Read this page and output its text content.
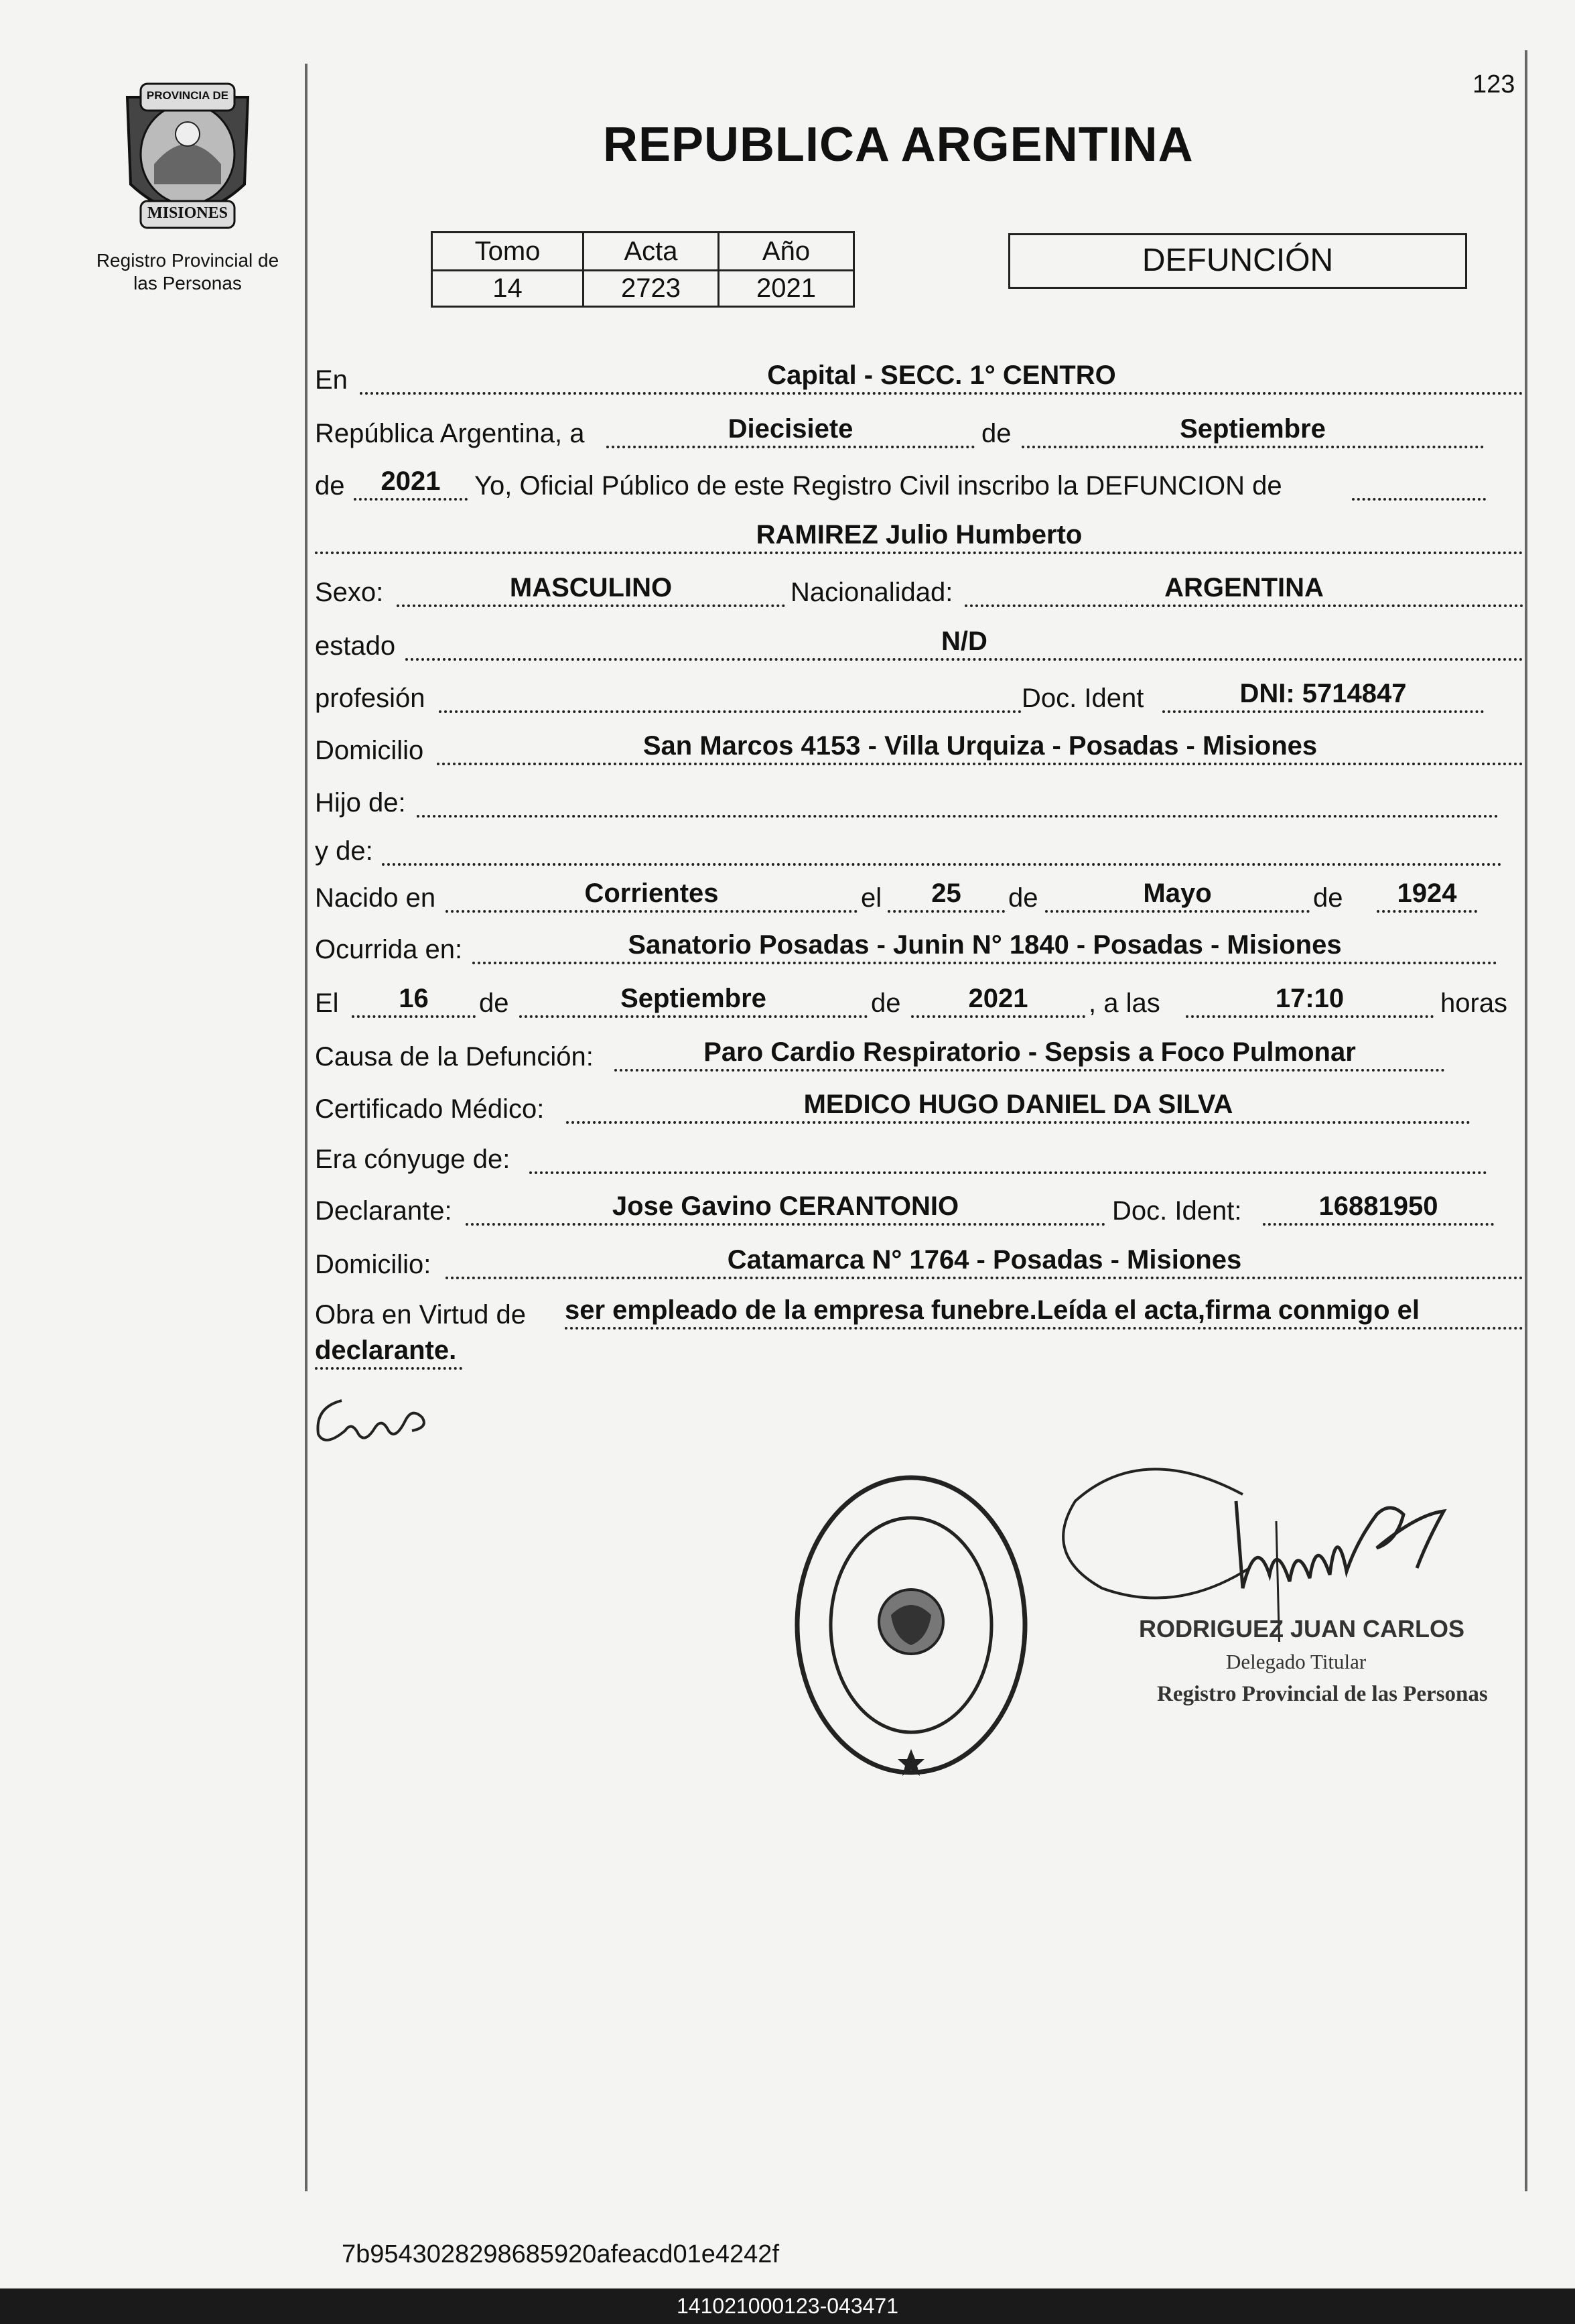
123
PROVINCIA DE
MISIONES
Registro Provincial de
las Personas
REPUBLICA ARGENTINA
Tomo	Acta	Año
14	2723	2021
DEFUNCIÓN
En	Capital - SECC. 1° CENTRO
República Argentina, a	Diecisiete	de	Septiembre
de	2021	Yo, Oficial Público de este Registro Civil inscribo la DEFUNCION de
RAMIREZ Julio Humberto
Sexo:	MASCULINO	Nacionalidad:	ARGENTINA
estado	N/D
profesión	Doc. Ident	DNI: 5714847
Domicilio	San Marcos 4153 - Villa Urquiza - Posadas - Misiones
Hijo de:
y de:
Nacido en	Corrientes	el	25	de	Mayo	de	1924
Ocurrida en:	Sanatorio Posadas - Junin N° 1840 - Posadas - Misiones
El	16	de	Septiembre	de	2021	, a las	17:10	horas
Causa de la Defunción:	Paro Cardio Respiratorio - Sepsis a Foco Pulmonar
Certificado Médico:	MEDICO HUGO DANIEL DA SILVA
Era cónyuge de:
Declarante:	Jose Gavino CERANTONIO	Doc. Ident:	16881950
Domicilio:	Catamarca N° 1764 - Posadas - Misiones
Obra en Virtud de ser empleado de la empresa funebre.Leída el acta,firma conmigo el
declarante.
RODRIGUEZ JUAN CARLOS
Delegado Titular
Registro Provincial de las Personas
7b9543028298685920afeacd01e4242f
141021000123-043471
